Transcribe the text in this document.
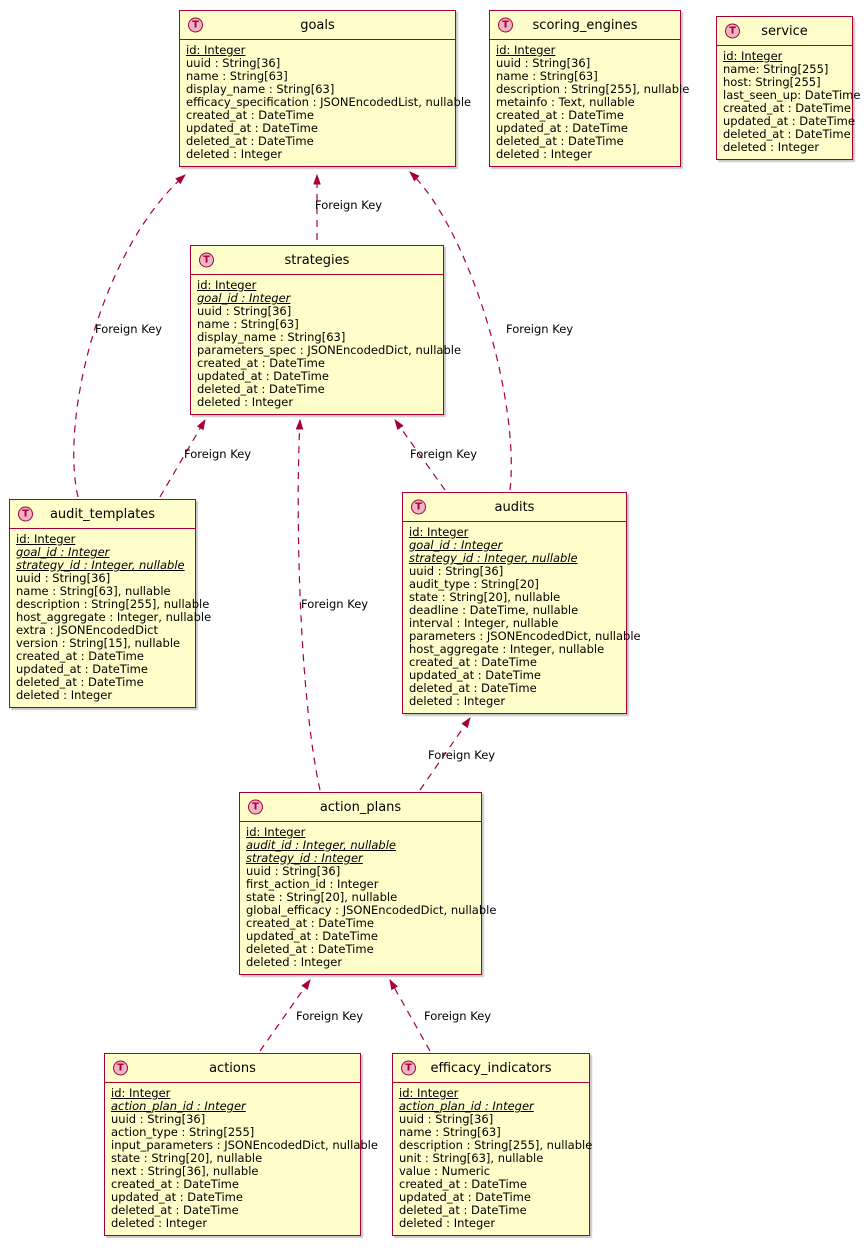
T	goals
id: Integer
uuid : String[36]
name : String[63]
display_name : String[63]
efficacy_specification : JSONEncodedList, nullable
created_at : DateTime
updated_at : DateTime
deleted_at : DateTime
deleted : Integer
T	scoring_engines
id: Integer
uuid : String[36]
name : String[63]
description : String[255], nullable
metainfo : Text, nullable
created_at : DateTime
updated_at : DateTime
deleted_at : DateTime
deleted : Integer
T	service
id: Integer
name: String[255]
host: String[255]
last_seen_up: DateTime
created_at : DateTime
updated_at : DateTime
deleted_at : DateTime
deleted : Integer
T	strategies
id: Integer
goal_id : Integer
uuid : String[36]
name : String[63]
display_name : String[63]
parameters_spec : JSONEncodedDict, nullable
created_at : DateTime
updated_at : DateTime
deleted_at : DateTime
deleted : Integer
T	audit_templates
id: Integer
goal_id : Integer
strategy_id : Integer, nullable
uuid : String[36]
name : String[63], nullable
description : String[255], nullable
host_aggregate : Integer, nullable
extra : JSONEncodedDict
version : String[15], nullable
created_at : DateTime
updated_at : DateTime
deleted_at : DateTime
deleted : Integer
T	audits
id: Integer
goal_id : Integer
strategy_id : Integer, nullable
uuid : String[36]
audit_type : String[20]
state : String[20], nullable
deadline : DateTime, nullable
interval : Integer, nullable
parameters : JSONEncodedDict, nullable
host_aggregate : Integer, nullable
created_at : DateTime
updated_at : DateTime
deleted_at : DateTime
deleted : Integer
T	action_plans
id: Integer
audit_id : Integer, nullable
strategy_id : Integer
uuid : String[36]
first_action_id : Integer
state : String[20], nullable
global_efficacy : JSONEncodedDict, nullable
created_at : DateTime
updated_at : DateTime
deleted_at : DateTime
deleted : Integer
T	actions
id: Integer
action_plan_id : Integer
uuid : String[36]
action_type : String[255]
input_parameters : JSONEncodedDict, nullable
state : String[20], nullable
next : String[36], nullable
created_at : DateTime
updated_at : DateTime
deleted_at : DateTime
deleted : Integer
T	efficacy_indicators
id: Integer
action_plan_id : Integer
uuid : String[36]
name : String[63]
description : String[255], nullable
unit : String[63], nullable
value : Numeric
created_at : DateTime
updated_at : DateTime
deleted_at : DateTime
deleted : Integer
Foreign Key
Foreign Key	Foreign Key
Foreign Key	Foreign Key
Foreign Key
Foreign Key
Foreign Key	Foreign Key
